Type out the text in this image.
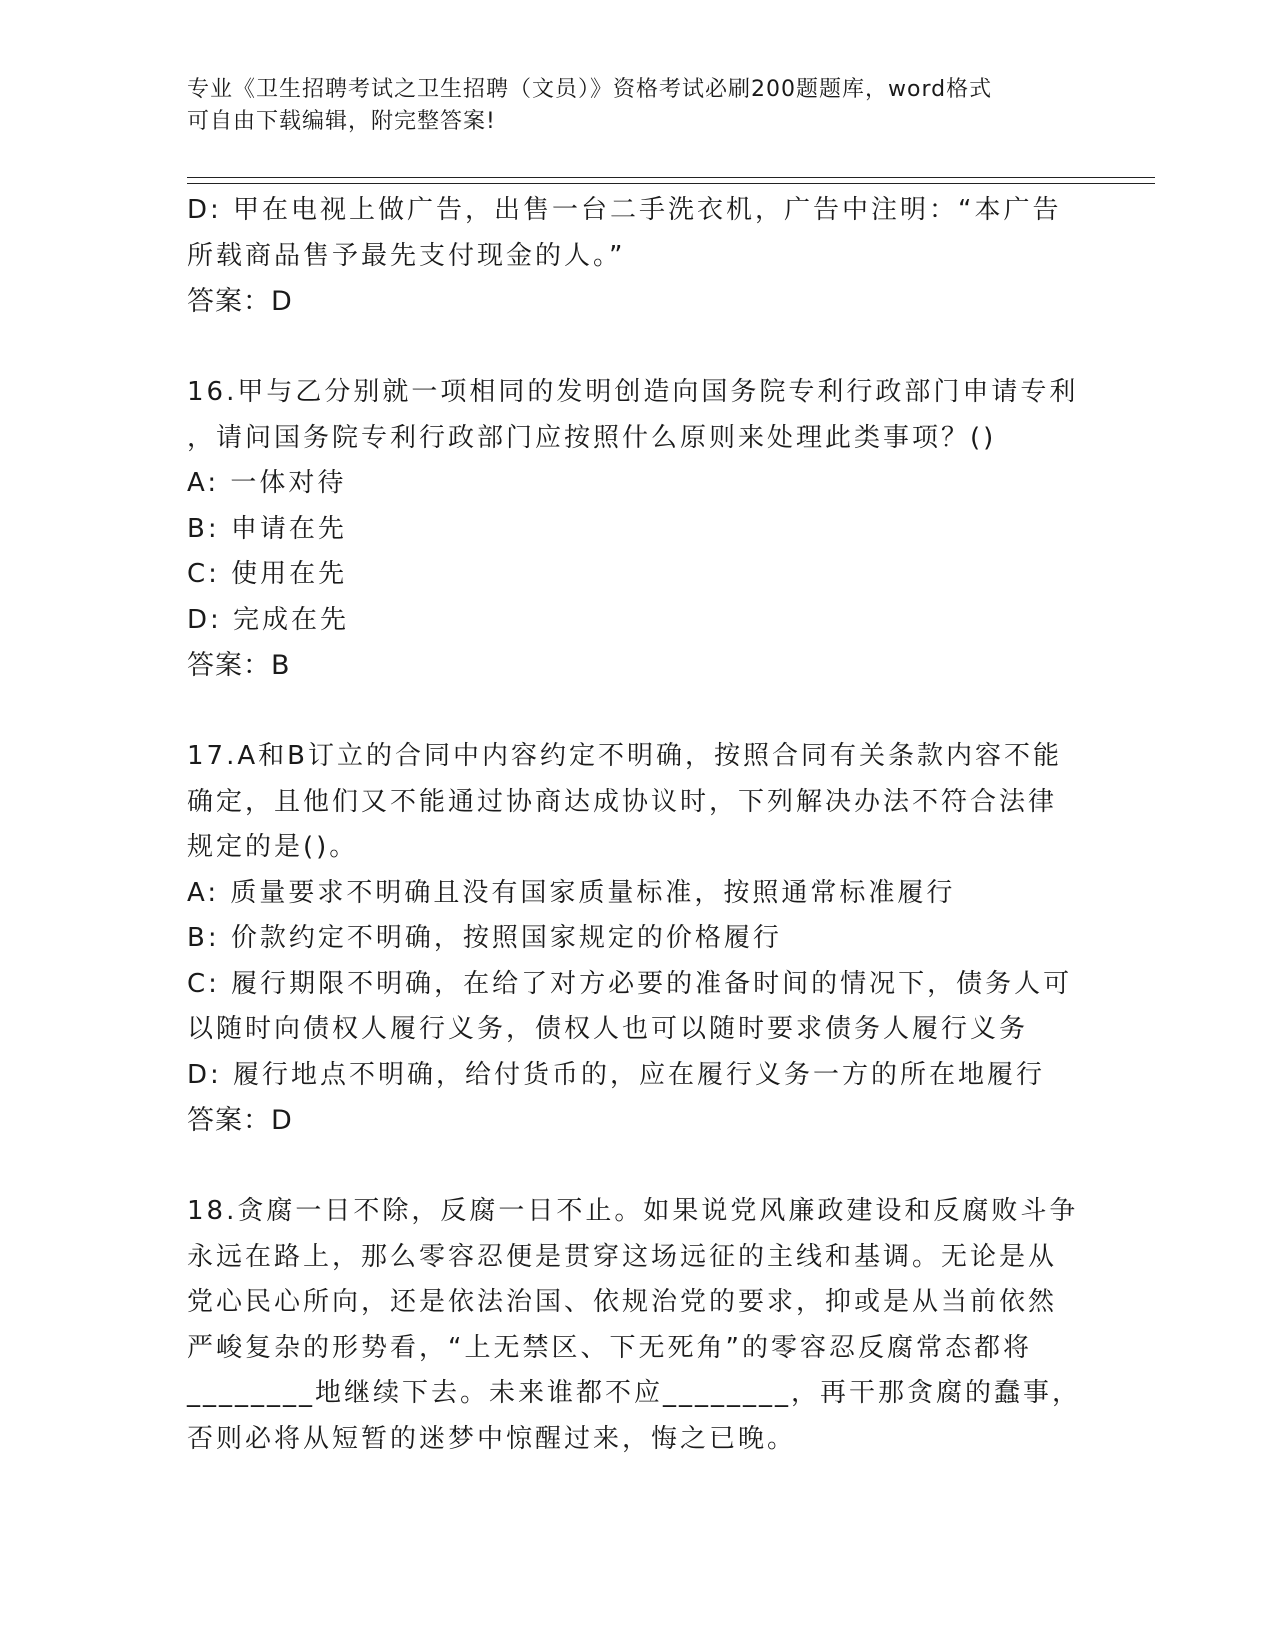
专业《卫生招聘考试之卫生招聘（文员）》资格考试必刷200题题库，word格式
可自由下载编辑，附完整答案!
D: 甲在电视上做广告，出售一台二手洗衣机，广告中注明：“本广告
所载商品售予最先支付现金的人。”
答案：D
16.甲与乙分别就一项相同的发明创造向国务院专利行政部门申请专利
，请问国务院专利行政部门应按照什么原则来处理此类事项？()
A: 一体对待
B: 申请在先
C: 使用在先
D: 完成在先
答案：B
17.A和B订立的合同中内容约定不明确，按照合同有关条款内容不能
确定，且他们又不能通过协商达成协议时，下列解决办法不符合法律
规定的是()。
A: 质量要求不明确且没有国家质量标准，按照通常标准履行
B: 价款约定不明确，按照国家规定的价格履行
C: 履行期限不明确，在给了对方必要的准备时间的情况下，债务人可
以随时向债权人履行义务，债权人也可以随时要求债务人履行义务
D: 履行地点不明确，给付货币的，应在履行义务一方的所在地履行
答案：D
18.贪腐一日不除，反腐一日不止。如果说党风廉政建设和反腐败斗争
永远在路上，那么零容忍便是贯穿这场远征的主线和基调。无论是从
党心民心所向，还是依法治国、依规治党的要求，抑或是从当前依然
严峻复杂的形势看，“上无禁区、下无死角”的零容忍反腐常态都将
________地继续下去。未来谁都不应________，再干那贪腐的蠢事，
否则必将从短暂的迷梦中惊醒过来，悔之已晚。
